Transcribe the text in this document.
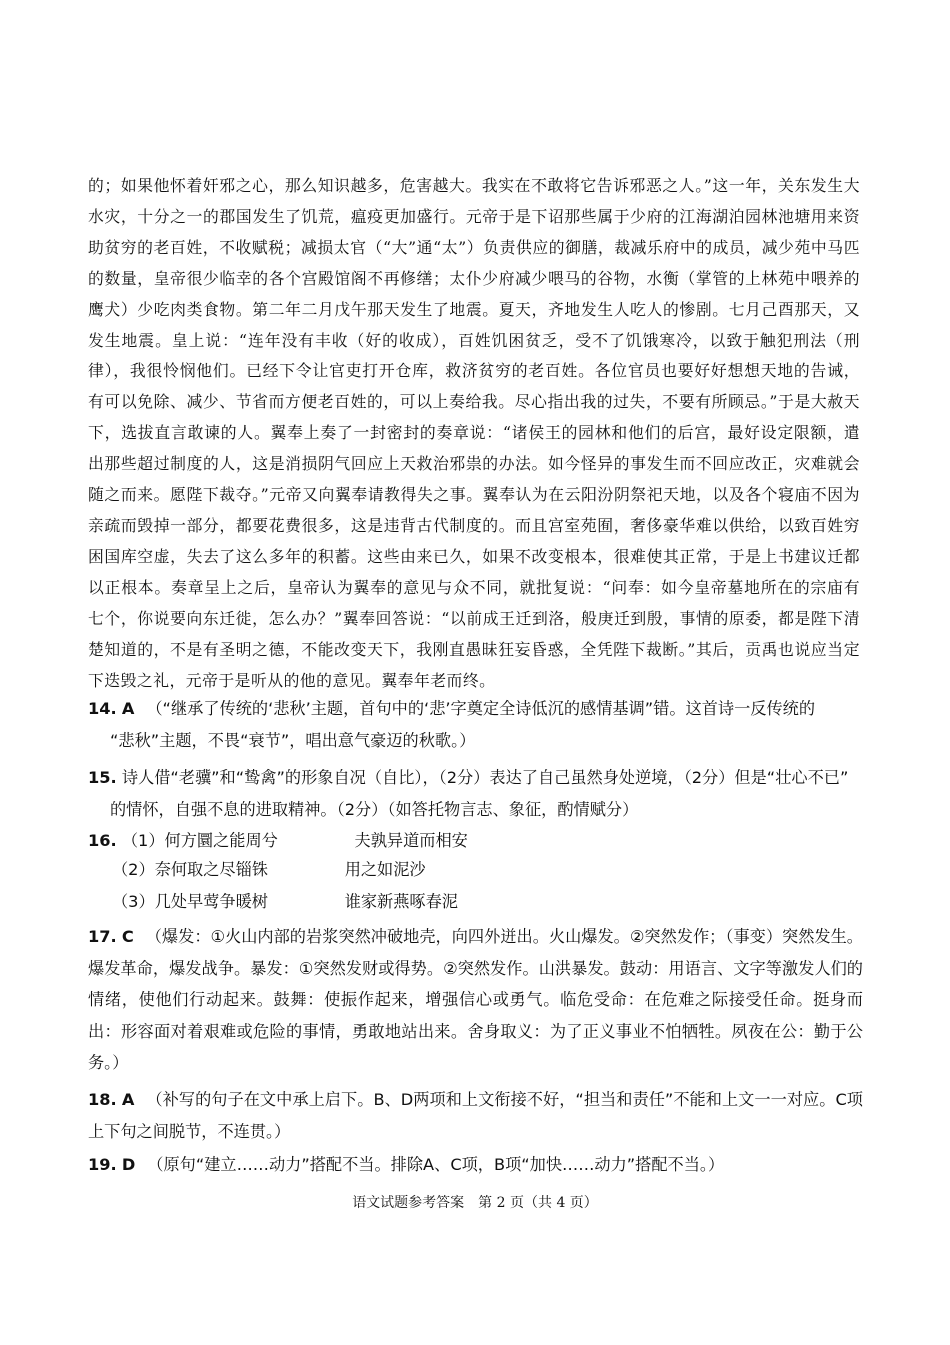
的；如果他怀着奸邪之心，那么知识越多，危害越大。我实在不敢将它告诉邪恶之人。”这一年，关东发生大水灾，十分之一的郡国发生了饥荒，瘟疫更加盛行。元帝于是下诏那些属于少府的江海湖泊园林池塘用来资助贫穷的老百姓，不收赋税；减损太官（“大”通“太”）负责供应的御膳，裁减乐府中的成员，减少苑中马匹的数量，皇帝很少临幸的各个宫殿馆阁不再修缮；太仆少府减少喂马的谷物，水衡（掌管的上林苑中喂养的鹰犬）少吃肉类食物。第二年二月戊午那天发生了地震。夏天，齐地发生人吃人的惨剧。七月己酉那天，又发生地震。皇上说：“连年没有丰收（好的收成），百姓饥困贫乏，受不了饥饿寒冷，以致于触犯刑法（刑律），我很怜悯他们。已经下令让官吏打开仓库，救济贫穷的老百姓。各位官员也要好好想想天地的告诫，有可以免除、减少、节省而方便老百姓的，可以上奏给我。尽心指出我的过失，不要有所顾忌。”于是大赦天下，选拔直言敢谏的人。翼奉上奏了一封密封的奏章说：“诸侯王的园林和他们的后宫，最好设定限额，遣出那些超过制度的人，这是消损阴气回应上天救治邪祟的办法。如今怪异的事发生而不回应改正，灾难就会随之而来。愿陛下裁夺。”元帝又向翼奉请教得失之事。翼奉认为在云阳汾阴祭祀天地，以及各个寝庙不因为亲疏而毁掉一部分，都要花费很多，这是违背古代制度的。而且宫室苑囿，奢侈豪华难以供给，以致百姓穷困国库空虚，失去了这么多年的积蓄。这些由来已久，如果不改变根本，很难使其正常，于是上书建议迁都以正根本。奏章呈上之后，皇帝认为翼奉的意见与众不同，就批复说：“问奉：如今皇帝墓地所在的宗庙有七个，你说要向东迁徙，怎么办？”翼奉回答说：“以前成王迁到洛，般庚迁到殷，事情的原委，都是陛下清楚知道的，不是有圣明之德，不能改变天下，我刚直愚昧狂妄昏惑，全凭陛下裁断。”其后，贡禹也说应当定下迭毁之礼，元帝于是听从的他的意见。翼奉年老而终。
14. A （“继承了传统的‘悲秋’主题，首句中的‘悲’字奠定全诗低沉的感情基调”错。这首诗一反传统的
“悲秋”主题，不畏“衰节”，唱出意气豪迈的秋歌。）
15. 诗人借“老骥”和“鸷禽”的形象自况（自比），（2分）表达了自己虽然身处逆境，（2分）但是“壮心不已”
的情怀，自强不息的进取精神。（2分）（如答托物言志、象征，酌情赋分）
16. （1）何方圜之能周兮	夫孰异道而相安
（2）奈何取之尽锱铢	用之如泥沙
（3）几处早莺争暖树	谁家新燕啄春泥
17. C （爆发：①火山内部的岩浆突然冲破地壳，向四外迸出。火山爆发。②突然发作；（事变）突然发生。爆发革命，爆发战争。暴发：①突然发财或得势。②突然发作。山洪暴发。鼓动：用语言、文字等激发人们的情绪，使他们行动起来。鼓舞：使振作起来，增强信心或勇气。临危受命：在危难之际接受任命。挺身而出：形容面对着艰难或危险的事情，勇敢地站出来。舍身取义：为了正义事业不怕牺牲。夙夜在公：勤于公务。）
18. A （补写的句子在文中承上启下。B、D两项和上文衔接不好，“担当和责任”不能和上文一一对应。C项上下句之间脱节，不连贯。）
19. D （原句“建立……动力”搭配不当。排除A、C项，B项“加快……动力”搭配不当。）
语文试题参考答案　第 2 页（共 4 页）
